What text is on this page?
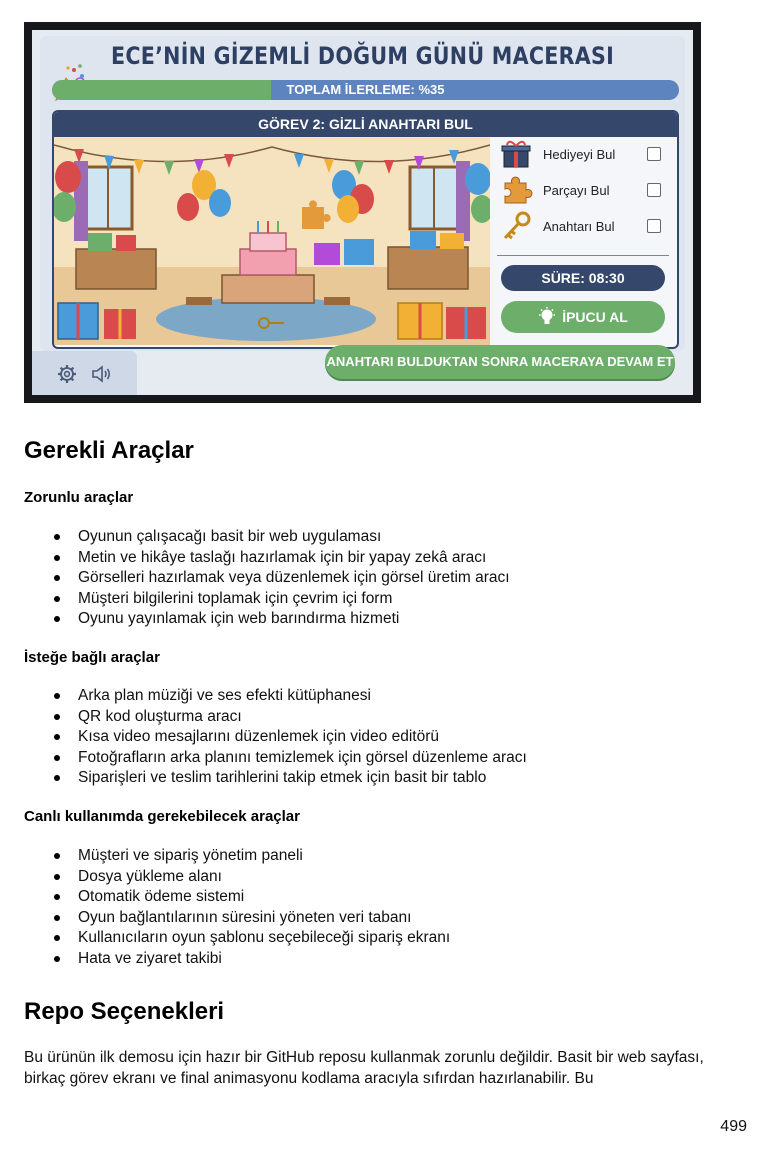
ECE’NİN GİZEMLİ DOĞUM GÜNÜ MACERASI
TOPLAM İLERLEME: %35
GÖREV 2: GİZLİ ANAHTARI BUL
Hediyeyi Bul
Parçayı Bul
Anahtarı Bul
SÜRE: 08:30
İPUCU AL
ANAHTARI BULDUKTAN SONRA MACERAYA DEVAM ET
Gerekli Araçlar
Zorunlu araçlar
Oyunun çalışacağı basit bir web uygulaması
Metin ve hikâye taslağı hazırlamak için bir yapay zekâ aracı
Görselleri hazırlamak veya düzenlemek için görsel üretim aracı
Müşteri bilgilerini toplamak için çevrim içi form
Oyunu yayınlamak için web barındırma hizmeti
İsteğe bağlı araçlar
Arka plan müziği ve ses efekti kütüphanesi
QR kod oluşturma aracı
Kısa video mesajlarını düzenlemek için video editörü
Fotoğrafların arka planını temizlemek için görsel düzenleme aracı
Siparişleri ve teslim tarihlerini takip etmek için basit bir tablo
Canlı kullanımda gerekebilecek araçlar
Müşteri ve sipariş yönetim paneli
Dosya yükleme alanı
Otomatik ödeme sistemi
Oyun bağlantılarının süresini yöneten veri tabanı
Kullanıcıların oyun şablonu seçebileceği sipariş ekranı
Hata ve ziyaret takibi
Repo Seçenekleri
Bu ürünün ilk demosu için hazır bir GitHub reposu kullanmak zorunlu değildir. Basit bir web sayfası, birkaç görev ekranı ve final animasyonu kodlama aracıyla sıfırdan hazırlanabilir. Bu
499
